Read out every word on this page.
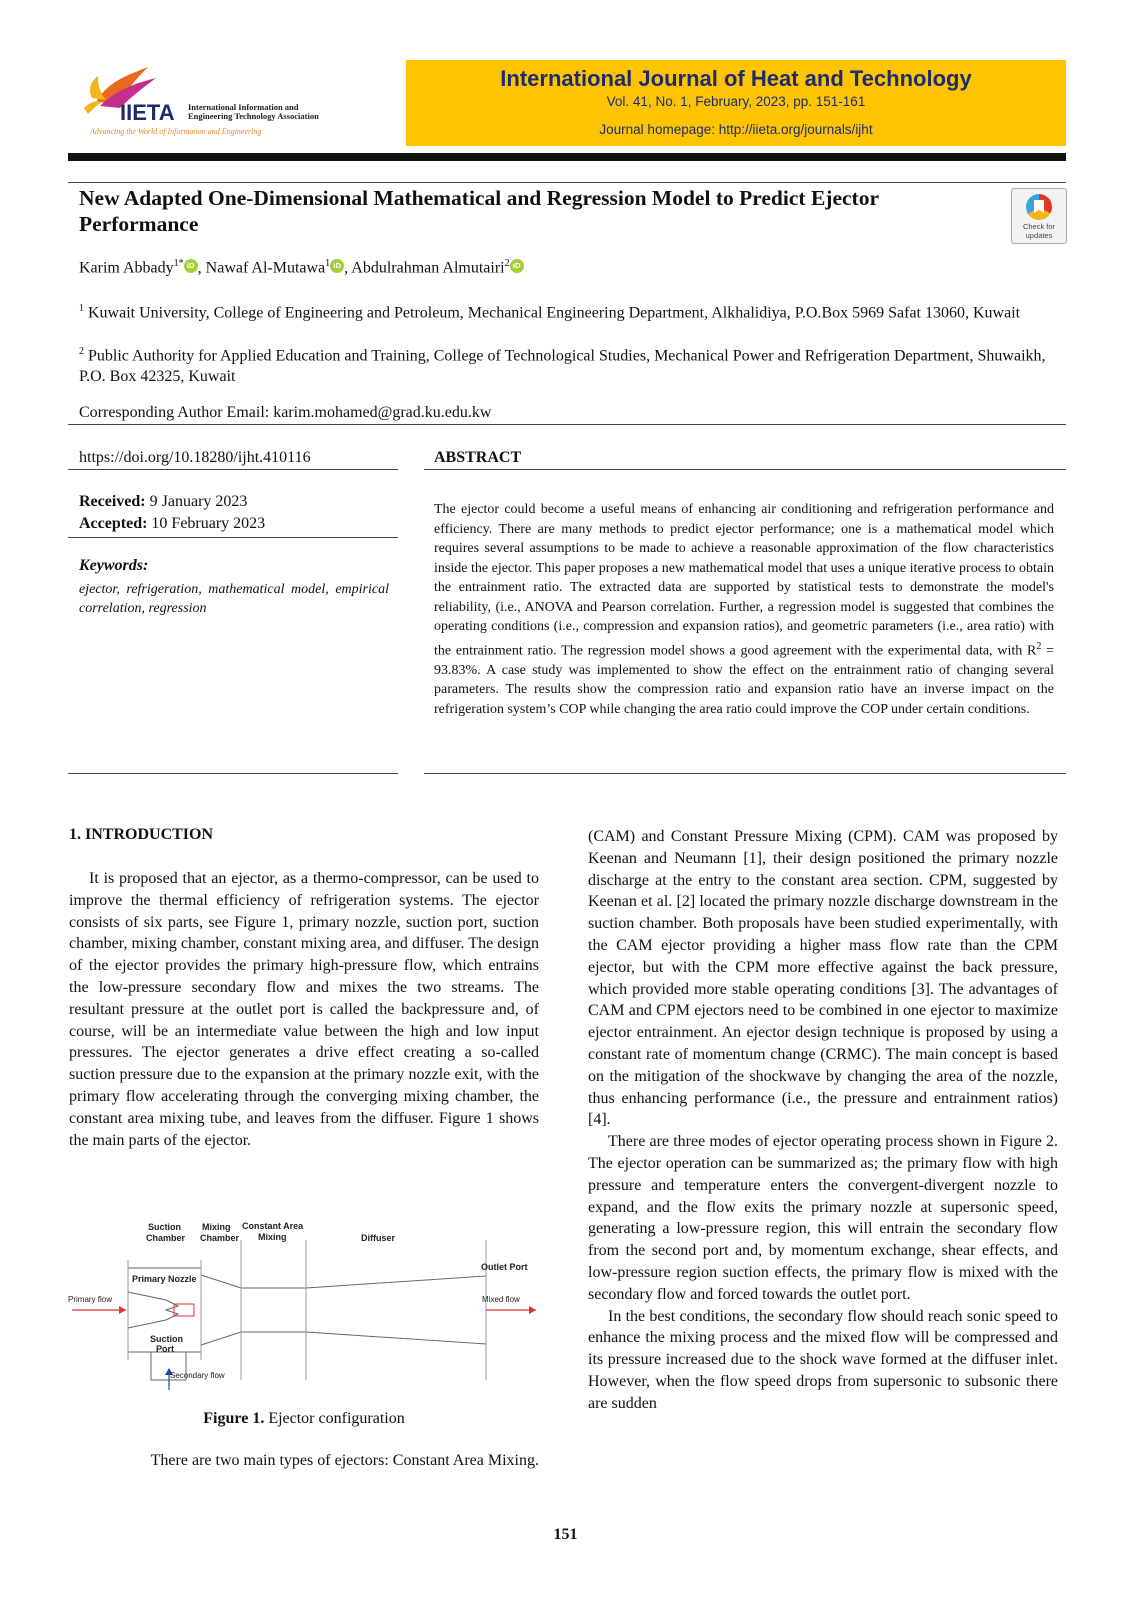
IIETA International Information and
Engineering Technology Association
Advancing the World of Information and Engineering
International Journal of Heat and Technology
Vol. 41, No. 1, February, 2023, pp. 151-161
Journal homepage: http://iieta.org/journals/ijht
New Adapted One-Dimensional Mathematical and Regression Model to Predict Ejector Performance	Check for
updates
Karim Abbady$^{1*}$ iD , Nawaf Al-Mutawa$^1$ iD , Abdulrahman Almutairi$^2$ iD
$^1$ Kuwait University, College of Engineering and Petroleum, Mechanical Engineering Department, Alkhalidiya, P.O.Box 5969 Safat 13060, Kuwait
$^2$ Public Authority for Applied Education and Training, College of Technological Studies, Mechanical Power and Refrigeration Department, Shuwaikh, P.O. Box 42325, Kuwait
Corresponding Author Email: karim.mohamed@grad.ku.edu.kw
https://doi.org/10.18280/ijht.410116
Received: 9 January 2023
Accepted: 10 February 2023
Keywords:
ejector, refrigeration, mathematical model, empirical correlation, regression
ABSTRACT
The ejector could become a useful means of enhancing air conditioning and refrigeration performance and efficiency. There are many methods to predict ejector performance; one is a mathematical model which requires several assumptions to be made to achieve a reasonable approximation of the flow characteristics inside the ejector. This paper proposes a new mathematical model that uses a unique iterative process to obtain the entrainment ratio. The extracted data are supported by statistical tests to demonstrate the model's reliability, (i.e., ANOVA and Pearson correlation. Further, a regression model is suggested that combines the operating conditions (i.e., compression and expansion ratios), and geometric parameters (i.e., area ratio) with the entrainment ratio. The regression model shows a good agreement with the experimental data, with $R^2 = 93.83\%$. A case study was implemented to show the effect on the entrainment ratio of changing several parameters. The results show the compression ratio and expansion ratio have an inverse impact on the refrigeration system’s COP while changing the area ratio could improve the COP under certain conditions.
1. INTRODUCTION

It is proposed that an ejector, as a thermo-compressor, can be used to improve the thermal efficiency of refrigeration systems. The ejector consists of six parts, see Figure 1, primary nozzle, suction port, suction chamber, mixing chamber, constant mixing area, and diffuser. The design of the ejector provides the primary high-pressure flow, which entrains the low-pressure secondary flow and mixes the two streams. The resultant pressure at the outlet port is called the backpressure and, of course, will be an intermediate value between the high and low input pressures. The ejector generates a drive effect creating a so-called suction pressure due to the expansion at the primary nozzle exit, with the primary flow accelerating through the converging mixing chamber, the constant area mixing tube, and leaves from the diffuser. Figure 1 shows the main parts of the ejector.

Suction
Chamber
Mixing
Chamber
Constant Area
Mixing	Diffuser
Outlet Port
Primary Nozzle
Suction
Port
Primary flow	Mixed flow
Secondary flow
Figure 1. Ejector configuration
There are two main types of ejectors: Constant Area Mixing.

(CAM) and Constant Pressure Mixing (CPM). CAM was proposed by Keenan and Neumann [1], their design positioned the primary nozzle discharge at the entry to the constant area section. CPM, suggested by Keenan et al. [2] located the primary nozzle discharge downstream in the suction chamber. Both proposals have been studied experimentally, with the CAM ejector providing a higher mass flow rate than the CPM ejector, but with the CPM more effective against the back pressure, which provided more stable operating conditions [3]. The advantages of CAM and CPM ejectors need to be combined in one ejector to maximize ejector entrainment. An ejector design technique is proposed by using a constant rate of momentum change (CRMC). The main concept is based on the mitigation of the shockwave by changing the area of the nozzle, thus enhancing performance (i.e., the pressure and entrainment ratios) [4].

There are three modes of ejector operating process shown in Figure 2. The ejector operation can be summarized as; the primary flow with high pressure and temperature enters the convergent-divergent nozzle to expand, and the flow exits the primary nozzle at supersonic speed, generating a low-pressure region, this will entrain the secondary flow from the second port and, by momentum exchange, shear effects, and low-pressure region suction effects, the primary flow is mixed with the secondary flow and forced towards the outlet port.

In the best conditions, the secondary flow should reach sonic speed to enhance the mixing process and the mixed flow will be compressed and its pressure increased due to the shock wave formed at the diffuser inlet. However, when the flow speed drops from supersonic to subsonic there are sudden

151
